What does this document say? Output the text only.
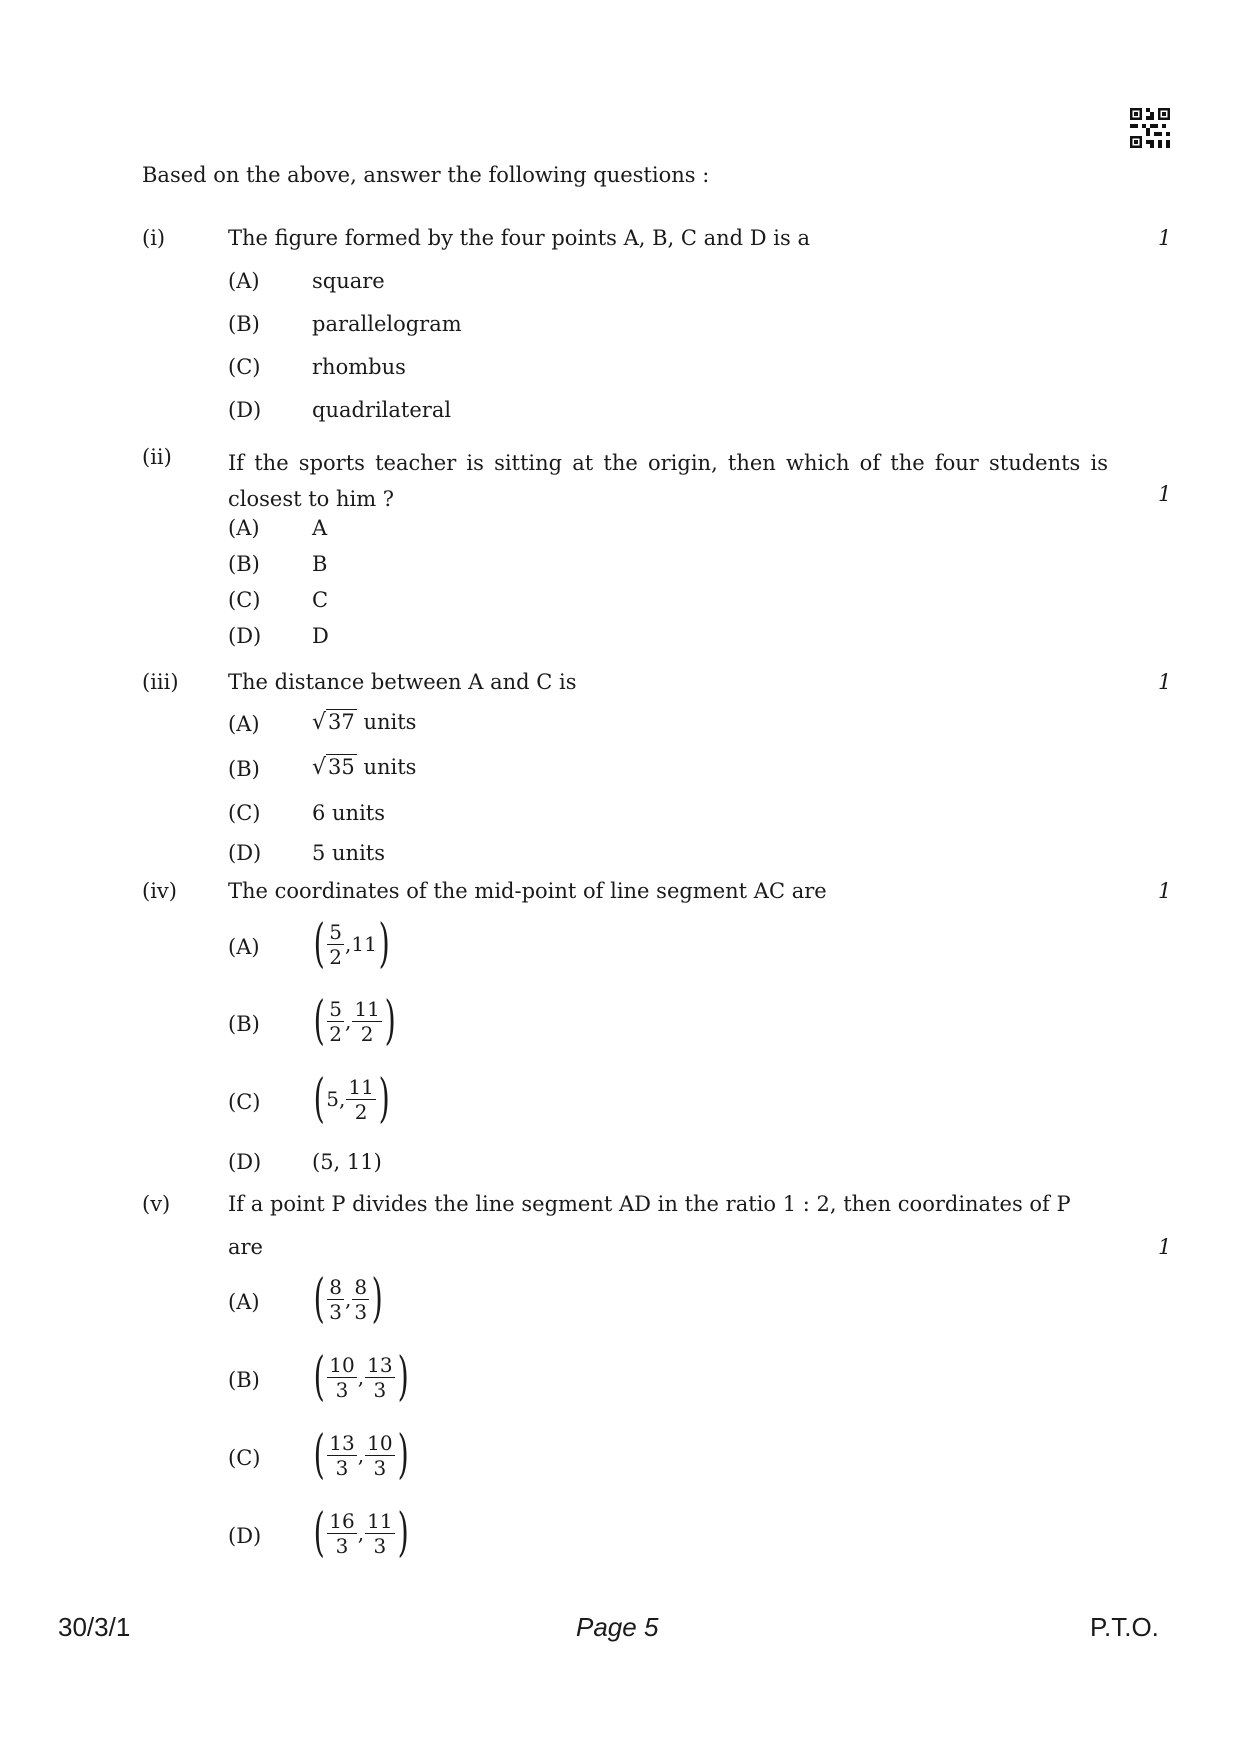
Based on the above, answer the following questions :
(i)	The figure formed by the four points A, B, C and D is a	1
(A) square
(B) parallelogram
(C) rhombus
(D) quadrilateral
(ii)	If the sports teacher is sitting at the origin, then which of the four students is closest to him ?	1
(A) A
(B) B
(C) C
(D) D
(iii) The distance between A and C is	1
(A) √37 units
(B) √35 units
(C) 6 units
(D) 5 units
(iv) The coordinates of the mid-point of line segment AC are	1
(A) ( $\frac{5}{2}$ , 11 )
(B) ( $\frac{5}{2}$ , $\frac{11}{2}$ )
(C) ( 5 , $\frac{11}{2}$ )
(D) (5, 11)
(v)	If a point P divides the line segment AD in the ratio 1 : 2, then coordinates of P
are	1
(A) ( $\frac{8}{3}$ , $\frac{8}{3}$ )
(B) ( $\frac{10}{3}$ , $\frac{13}{3}$ )
(C) ( $\frac{13}{3}$ , $\frac{10}{3}$ )
(D) ( $\frac{16}{3}$ , $\frac{11}{3}$ )
30/3/1	Page 5	P.T.O.
